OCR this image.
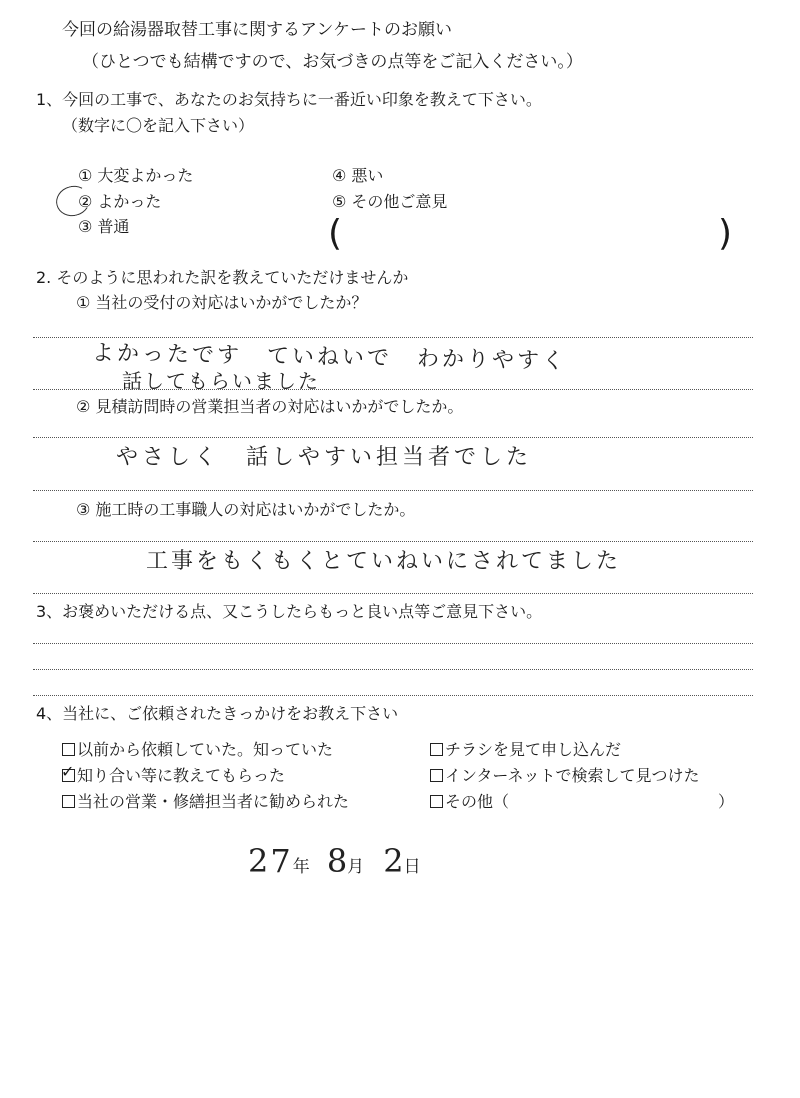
今回の給湯器取替工事に関するアンケートのお願い
（ひとつでも結構ですので、お気づきの点等をご記入ください。）
1、今回の工事で、あなたのお気持ちに一番近い印象を教えて下さい。
（数字に〇を記入下さい）
① 大変よかった
② よかった
③ 普通
④ 悪い
⑤ その他ご意見
(	)
2. そのように思われた訳を教えていただけませんか
① 当社の受付の対応はいかがでしたか？
よかったです　ていねいで　わかりやすく
話してもらいました
② 見積訪問時の営業担当者の対応はいかがでしたか。
やさしく　話しやすい担当者でした
③ 施工時の工事職人の対応はいかがでしたか。
工事をもくもくとていねいにされてました
3、お褒めいただける点、又こうしたらもっと良い点等ご意見下さい。
4、当社に、ご依頼されたきっかけをお教え下さい
以前から依頼していた。知っていた	チラシを見て申し込んだ
✓ 知り合い等に教えてもらった	インターネットで検索して見つけた
当社の営業・修繕担当者に勧められた	その他（	）
27年 8月 2日
